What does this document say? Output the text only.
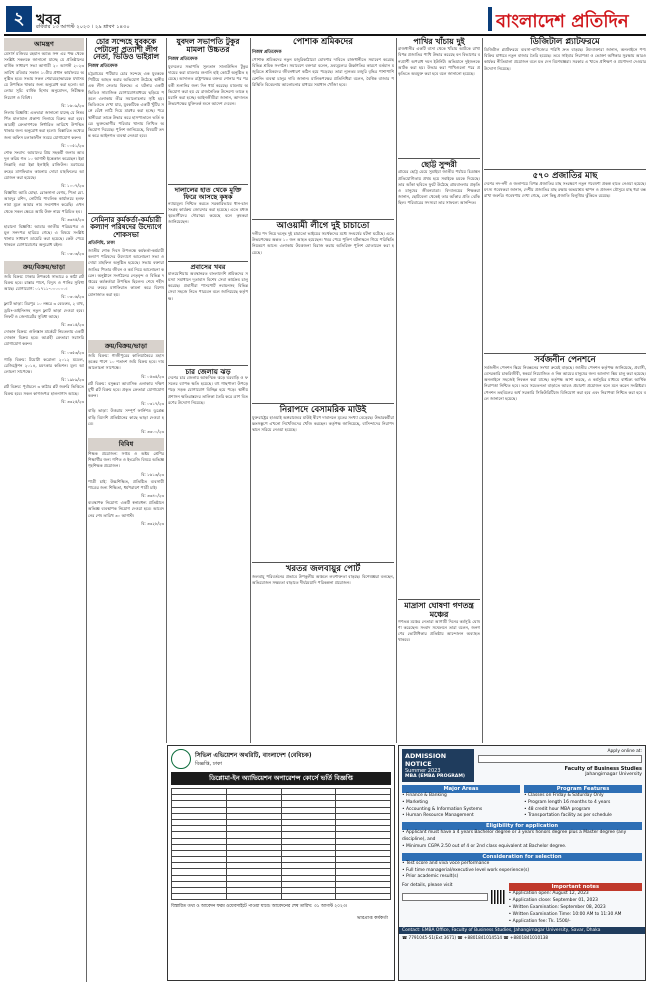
২ খবর
রবিবার ১৩ আগস্ট ২০২৩ । ২৯ শ্রাবণ ১৪৩০	বাংলাদেশ প্রতিদিন
আমন্ত্রণ
মেসার্স মজিবর রহমান অ্যান্ড সন্স এর পক্ষ থেকে সংশ্লিষ্ট সকলকে জানানো যাচ্ছে যে প্রতিষ্ঠানের বার্ষিক সাধারণ সভা আগামী ২০ আগস্ট ২০২৩ তারিখ রবিবার সকাল ১০টায় প্রধান কার্যালয়ে অনুষ্ঠিত হবে। সভায় সকল শেয়ারহোল্ডারকে যথাসময়ে উপস্থিত থাকার জন্য অনুরোধ করা হলো। আলোচ্য সূচি: বার্ষিক হিসাব অনুমোদন, নিরীক্ষক নিয়োগ ও বিবিধ।
বি: ১৬০৯/২৩
নিলাম বিজ্ঞপ্তি: এতদ্বারা জানানো যাচ্ছে যে নিম্নবর্ণিত মালামাল প্রকাশ্য নিলামে বিক্রয় করা হবে। আগ্রহী ক্রেতাগণকে নির্ধারিত তারিখে উপস্থিত থাকার জন্য অনুরোধ করা হলো। বিস্তারিত তথ্যের জন্য অফিস চলাকালীন সময়ে যোগাযোগ করুন।
বি: ০০৫১/২৩
শোক সংবাদ: আমাদের প্রিয় সহকর্মী জনাব আবদুল করিম গত ১০ আগস্ট ইন্তেকাল করেছেন। ইন্না লিল্লাহি ওয়া ইন্না ইলাইহি রাজিউন। মরহুমের রুহের মাগফিরাত কামনায় দোয়া মাহফিলের আয়োজন করা হয়েছে।
বি: ১০০৭/২৩
বিজ্ঞপ্তি: আমি মোছা. রোকসানা বেগম, পিতা মো. আবদুর রশিদ, নোটারি পাবলিক কার্যালয়ে হলফনামা মূলে আমার নাম সংশোধন করেছি। এখন থেকে সকল ক্ষেত্রে আমি উক্ত নামে পরিচিত হব।
বি: ৩৩৪৫/২৩
হারানো বিজ্ঞপ্তি: আমার জাতীয় পরিচয়পত্র ও মূল সনদপত্র হারিয়ে গেছে। এ বিষয়ে সংশ্লিষ্ট থানায় সাধারণ ডায়েরি করা হয়েছে। কেউ পেয়ে থাকলে যোগাযোগের অনুরোধ রইল।
বি: ০৩০৩/২৩
ক্রয়/বিক্রয়/ভাড়া
জমি বিক্রয়: ঢাকার উপকণ্ঠে সাভারে ৫ কাঠা প্লট বিক্রয় হবে। রাস্তার পাশে, বিদ্যুৎ ও পানির সুবিধা আছে। যোগাযোগ: ০১৭১১-০০০০০০।
বি: ০৩০৬/২৩
ফ্ল্যাট ভাড়া: মিরপুর ১০ নম্বরে ৩ বেডরুম, ২ বাথ, ড্রয়িং-ডাইনিংসহ নতুন ফ্ল্যাট ভাড়া দেওয়া হবে। লিফট ও জেনারেটর সুবিধা আছে।
বি: ৩৩১৫/২৩
দোকান বিক্রয়: গুলিস্তান মার্কেটে নিচতলায় একটি দোকান বিক্রয় হবে। আগ্রহী ক্রেতারা সরাসরি যোগাযোগ করুন।
বি: ০৩৫৩/২৩
গাড়ি বিক্রয়: টয়োটা করোলা ২০১২ মডেল, রেজিস্ট্রেশন ২০১৪, চমৎকার কন্ডিশন। মূল্য আলোচনা সাপেক্ষে।
বি: ১৯৮৯/২৩
প্লট বিক্রয়: পূর্বাচলে ৩ কাঠার প্লট জরুরি ভিত্তিতে বিক্রয় হবে। সকল কাগজপত্র হালনাগাদ আছে।
বি: ৩৩২৫/২৩
চোর সন্দেহে যুবককে পেটালো প্রত্যাশী লীগ নেতা, ভিডিও ভাইরাল
নিজস্ব প্রতিবেদক
চট্টগ্রামের পটিয়ায় চোর সন্দেহে এক যুবককে পিটিয়ে আহত করার অভিযোগ উঠেছে স্থানীয় এক লীগ নেতার বিরুদ্ধে। এ ঘটনার একটি ভিডিও সামাজিক যোগাযোগমাধ্যমে ছড়িয়ে পড়লে এলাকায় তীব্র সমালোচনার সৃষ্টি হয়। ভিডিওতে দেখা যায়, যুবকটিকে একটি খুঁটির সঙ্গে বেঁধে লাঠি দিয়ে মারধর করা হচ্ছে। পরে স্থানীয়রা তাকে উদ্ধার করে হাসপাতালে ভর্তি করে। ভুক্তভোগীর পরিবার থানায় লিখিত অভিযোগ দিয়েছে। পুলিশ জানিয়েছে, বিষয়টি তদন্ত করে আইনগত ব্যবস্থা নেওয়া হবে।
সেমিনার কর্মকর্তা-কর্মচারী কল্যাণ পরিষদের উদ্যোগে শোকসভা
প্রতিনিধি, ঢাকা
জাতীয় শোক দিবস উপলক্ষে কর্মকর্তা-কর্মচারী কল্যাণ পরিষদের উদ্যোগে আলোচনা সভা ও দোয়া মাহফিল অনুষ্ঠিত হয়েছে। সভায় বক্তারা জাতির পিতার জীবন ও কর্ম নিয়ে আলোচনা করেন। অনুষ্ঠানে সংগঠনের নেতৃবৃন্দ ও বিভিন্ন দপ্তরের কর্মকর্তারা উপস্থিত ছিলেন। শেষে শহীদদের রুহের মাগফিরাত কামনা করে বিশেষ মোনাজাত করা হয়।
ক্রয়/বিক্রয়/ভাড়া
জমি বিক্রয়: গাজীপুরের কালিয়াকৈরে মহাসড়কের পাশে ১০ শতাংশ জমি বিক্রয় হবে। দাম আলোচনা সাপেক্ষে।
বি: ০৫৩৫/২৩
প্লট বিক্রয়: বসুন্ধরা আবাসিক এলাকায় দক্ষিণমুখী প্লট বিক্রয় হবে। প্রকৃত ক্রেতারা যোগাযোগ করুন।
বি: ০৩১৭/২৩
বাড়ি ভাড়া: উত্তরায় সম্পূর্ণ ফার্নিশড ডুপ্লেক্স বাড়ি বিদেশি প্রতিষ্ঠানের কাছে ভাড়া দেওয়া হবে।
বি: ৩৩০০/২৩
বিবিধ
শিক্ষক প্রয়োজন: সপ্তম ও অষ্টম শ্রেণির শিক্ষার্থীর জন্য গণিত ও ইংরেজি বিষয়ে অভিজ্ঞ গৃহশিক্ষক প্রয়োজন।
বি: ১৬১৩/২৩
পাত্রী চাই: উচ্চশিক্ষিত, প্রতিষ্ঠিত ব্যবসায়ী পাত্রের জন্য শিক্ষিতা, ধর্মপরায়ণ পাত্রী চাই।
বি: ৩৩৪০/২৩
ব্যবস্থাপক নিয়োগ: একটি স্বনামধন্য প্রতিষ্ঠানে অভিজ্ঞ ব্যবস্থাপক নিয়োগ দেওয়া হবে। আবেদনের শেষ তারিখ ৩০ আগস্ট।
বি: ৩৩২৮/২৩
যুবদল সভাপতি টুকুর মামলা উচ্চতর
নিজস্ব প্রতিবেদক
যুবদলের সভাপতি সুলতান সালাউদ্দিন টুকুর দায়ের করা মামলার শুনানি হাই কোর্টে অনুষ্ঠিত হয়েছে। আদালত রাষ্ট্রপক্ষের বক্তব্য শোনার পর পরবর্তী শুনানির জন্য দিন ধার্য করেছে। মামলায় অভিযোগ করা হয় যে রাজনৈতিক উদ্দেশ্যে তাকে হয়রানি করা হচ্ছে। আইনজীবীরা জানান, আদালত উভয়পক্ষের যুক্তিতর্ক শুনে আদেশ দেবেন।
দালালের হাত থেকে মুক্তি ফিরে আসছে কৃষক
ন্যায্যমূল্য নিশ্চিত করতে সরকারিভাবে ধান-চাল সংগ্রহ কার্যক্রম জোরদার করা হয়েছে। এতে মধ্যস্বত্বভোগীদের দৌরাত্ম্য কমেছে বলে কৃষকরা জানিয়েছেন।
প্রবাসের খবর
মালয়েশিয়ায় অবস্থানরত বাংলাদেশি শ্রমিকদের সমস্যা সমাধানে দূতাবাস বিশেষ সেবা কার্যক্রম চালু করেছে। প্রবাসীরা পাসপোর্ট নবায়নসহ বিভিন্ন সেবা সহজে নিতে পারবেন বলে জানিয়েছে কর্তৃপক্ষ।
চার জেলায় ঝড়
দেশের চার জেলায় আকস্মিক ঝড়ে ঘরবাড়ি ও ফসলের ব্যাপক ক্ষতি হয়েছে। বহু গাছপালা উপড়ে পড়ে সড়ক যোগাযোগ বিচ্ছিন্ন হয়ে পড়ে। স্থানীয় প্রশাসন ক্ষতিগ্রস্তদের তালিকা তৈরি করে ত্রাণ বিতরণের উদ্যোগ নিয়েছে।
পোশাক শ্রমিকদের
নিজস্ব প্রতিবেদক
পোশাক শ্রমিকদের নতুন মজুরিকাঠামো ঘোষণার দাবিতে রাজধানীতে সমাবেশ করেছে বিভিন্ন শ্রমিক সংগঠন। সমাবেশে বক্তারা বলেন, দ্রব্যমূল্যের ঊর্ধ্বগতির কারণে বর্তমান মজুরিতে শ্রমিকদের জীবনধারণ কঠিন হয়ে পড়েছে। তারা ন্যূনতম মজুরি বৃদ্ধির পাশাপাশি রেশনিং ব্যবস্থা চালুর দাবি জানান। মালিকপক্ষের প্রতিনিধিরা বলেন, বৈশ্বিক বাজার পরিস্থিতি বিবেচনায় আলোচনার মাধ্যমে সমাধান খোঁজা হবে।
আওয়ামী লীগে দুই চাচাতো
দলীয় পদ নিয়ে দ্বন্দ্বে দুই চাচাতো ভাইয়ের সমর্থকদের মধ্যে সংঘর্ষের ঘটনা ঘটেছে। এতে উভয়পক্ষের অন্তত ১০ জন আহত হয়েছেন। খবর পেয়ে পুলিশ ঘটনাস্থলে গিয়ে পরিস্থিতি নিয়ন্ত্রণে আনে। এলাকায় উত্তেজনা বিরাজ করায় অতিরিক্ত পুলিশ মোতায়েন করা হয়েছে।
নিরাপদে বেসামরিক মাউই
যুক্তরাষ্ট্রের হাওয়াই অঙ্গরাজ্যের মাউই দ্বীপে দাবানলে মৃতের সংখ্যা বেড়েছে। উদ্ধারকর্মীরা ধ্বংসস্তূপে এখনো নিখোঁজদের খোঁজ করছেন। কর্তৃপক্ষ জানিয়েছে, বাসিন্দাদের নিরাপদ স্থানে সরিয়ে নেওয়া হয়েছে।
খরতর জলবায়ুর পোর্ট
জলবায়ু পরিবর্তনের প্রভাবে উপকূলীয় অঞ্চলে লবণাক্ততা বাড়ছে। বিশেষজ্ঞরা বলছেন, অভিযোজন সক্ষমতা বাড়াতে দীর্ঘমেয়াদি পরিকল্পনা প্রয়োজন।
পাখির খাঁচায় দুই
রাজধানীর একটি বাসা থেকে খাঁচায় আটকে রাখা বিপন্ন প্রজাতির পাখি উদ্ধার করেছে বন বিভাগের বন্যপ্রাণী অপরাধ দমন ইউনিট। অভিযানে দুইজনকে আটক করা হয়। উদ্ধার করা পাখিগুলো পরে প্রকৃতিতে অবমুক্ত করা হবে বলে জানানো হয়েছে।
ছোট্ট সুন্দরী
গ্রামের ছোট্ট মেয়ে সুমাইয়া জাতীয় পর্যায়ে চিত্রাঙ্কন প্রতিযোগিতায় প্রথম হয়ে সবাইকে চমকে দিয়েছে। তার আঁকা ছবিতে ফুটে উঠেছে গ্রামবাংলার প্রকৃতি ও মানুষের জীবনযাত্রা। বিদ্যালয়ের শিক্ষকরা জানান, ছোটবেলা থেকেই তার আঁকার প্রতি ঝোঁক ছিল। পরিবারের সদস্যরা তার সাফল্যে আনন্দিত।
মাদ্রাসা ঘোষণা গণতন্ত্র মঞ্চের
গণতন্ত্র মঞ্চের নেতারা আগামী দিনের কর্মসূচি ঘোষণা করেছেন। সংবাদ সম্মেলনে তারা বলেন, জনগণের ভোটাধিকার প্রতিষ্ঠায় আন্দোলন অব্যাহত থাকবে।
ডিজিটাল প্ল্যাটফরমে
ডিজিটাল প্ল্যাটফরমে ব্যবসা-বাণিজ্যের পরিধি দ্রুত বাড়ছে। উদ্যোক্তারা জানান, অনলাইনে পণ্য বিক্রির মাধ্যমে নতুন বাজার তৈরি হয়েছে। তবে সাইবার নিরাপত্তা ও ভোক্তা অধিকার সুরক্ষায় আরও কার্যকর নীতিমালা প্রয়োজন বলে মত দেন বিশেষজ্ঞরা। সরকার এ খাতে প্রশিক্ষণ ও প্রণোদনা দেওয়ার উদ্যোগ নিয়েছে।
৫৭০ প্রজাতির মাছ
দেশের নদ-নদী ও জলাশয়ে বিপন্ন প্রজাতির মাছ সংরক্ষণে নতুন গবেষণা প্রকল্প হাতে নেওয়া হয়েছে। মৎস্য গবেষকরা জানান, দেশীয় প্রজাতির মাছ রক্ষায় অভয়াশ্রম স্থাপন ও প্রজনন মৌসুমে মাছ ধরা বন্ধ রাখা জরুরি। গবেষণায় দেখা গেছে, বেশ কিছু প্রজাতি বিলুপ্তির ঝুঁকিতে রয়েছে।
সর্বজনীন পেনশনে
সর্বজনীন পেনশন স্কিমে নিবন্ধনের সংখ্যা ক্রমেই বাড়ছে। জাতীয় পেনশন কর্তৃপক্ষ জানিয়েছে, প্রবাসী, বেসরকারি চাকরিজীবী, স্বকর্মে নিয়োজিত ও নিম্ন আয়ের মানুষের জন্য আলাদা স্কিম চালু করা হয়েছে। অনলাইনে সহজেই নিবন্ধন করা যাচ্ছে। কর্তৃপক্ষ আশা করছে, এ কর্মসূচির মাধ্যমে বার্ধক্যে আর্থিক নিরাপত্তা নিশ্চিত হবে। তবে সচেতনতা বাড়াতে আরও প্রচারণা প্রয়োজন বলে মনে করেন সংশ্লিষ্টরা। পেনশন তহবিলের অর্থ সরকারি সিকিউরিটিজে বিনিয়োগ করা হবে এবং নিরাপত্তা নিশ্চিত করা হবে বলে জানানো হয়েছে।
সিভিল এভিয়েশন অথরিটি, বাংলাদেশ (বেবিচক)
বিজ্ঞপ্তি, ঢাকা
ডিপ্লোমা-ইন অ্যাভিয়েশন অপারেশন্স কোর্সে ভর্তি বিজ্ঞপ্তি

বিস্তারিত তথ্য ও আবেদন ফরম ওয়েবসাইটে পাওয়া যাবে। আবেদনের শেষ তারিখ: ৩১ আগস্ট ২০২৩।
ভারপ্রাপ্ত কর্মকর্তা
ADMISSION NOTICE
Summer 2023
MBA (EMBA PROGRAM)
Apply online at:
Faculty of Business Studies
Jahangirnagar University
Major Areas
• Finance & Banking
• Marketing
• Accounting & Information Systems
• Human Resource Management
Program Features
• Classes on Friday & Saturday Only
• Program length 16 months to 4 years
• 48 credit hour MBA program
• Transportation facility as per schedule
Eligibility for application
• Applicant must have a 4 years Bachelor degree or 3 years honors degree plus a Master degree (any discipline), and
• Minimum CGPA 2.50 out of 4 or 2nd class equivalent at Bachelor degree.
Consideration for selection
• Test score and viva voce performance
• Full time managerial/executive level work experience(s)
• Prior academic result(s)
For details, please visit	Important notes
• Application open: August 12, 2023
• Application close: September 01, 2023
• Written Examination: September 08, 2023
• Written Examination Time: 10:00 AM to 11:30 AM
• Application fee: Tk. 1500/-
Contact: EMBA Office, Faculty of Business Studies, Jahangirnagar University, Savar, Dhaka
☎ 7791045-51(Ext 3671) ☎ +8801841014514 ☎ +8801841010138
